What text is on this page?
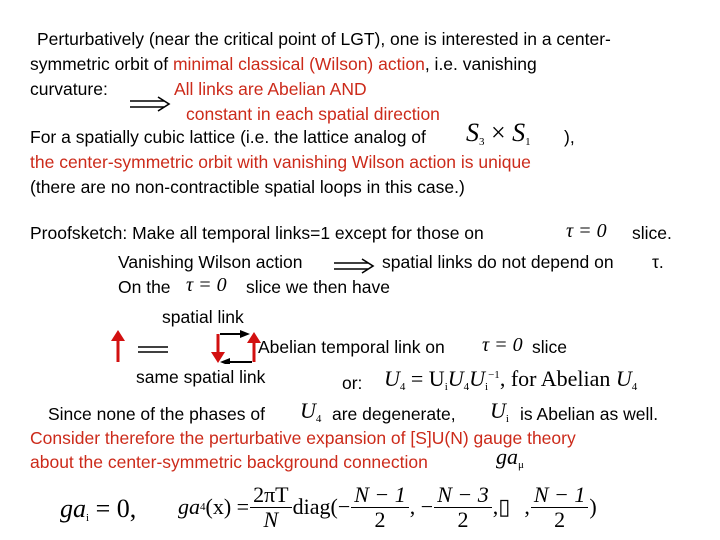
Perturbatively (near the critical point of LGT), one is interested in a center-
symmetric orbit of minimal classical (Wilson) action, i.e. vanishing
curvature:	All links are Abelian AND
constant in each spatial direction
For a spatially cubic lattice (i.e. the lattice analog of $S_3 \times S_1$ ),
the center-symmetric orbit with vanishing Wilson action is unique
(there are no non-contractible spatial loops in this case.)
Proofsketch: Make all temporal links=1 except for those on	τ = 0 slice.
Vanishing Wilson action	spatial links do not depend on τ.
On the τ = 0 slice we then have
spatial link
Abelian temporal link on τ = 0 slice
same spatial link	or: $U_4 = U_iU_4U_i^{-1}$, for Abelian $U_4$
Since none of the phases of $U_4$ are degenerate, $U_i$ is Abelian as well.
Consider therefore the perturbative expansion of [S]U(N) gauge theory
about the center-symmetric background connection	$ga_\mu$
$ga_i = 0$, ga 4 $(x) = \frac{2\pi T}{N}$ diag(− $\frac{N - 1}{2}$ , − $\frac{N - 3}{2}$ ,▯ , $\frac{N - 1}{2}$ )
